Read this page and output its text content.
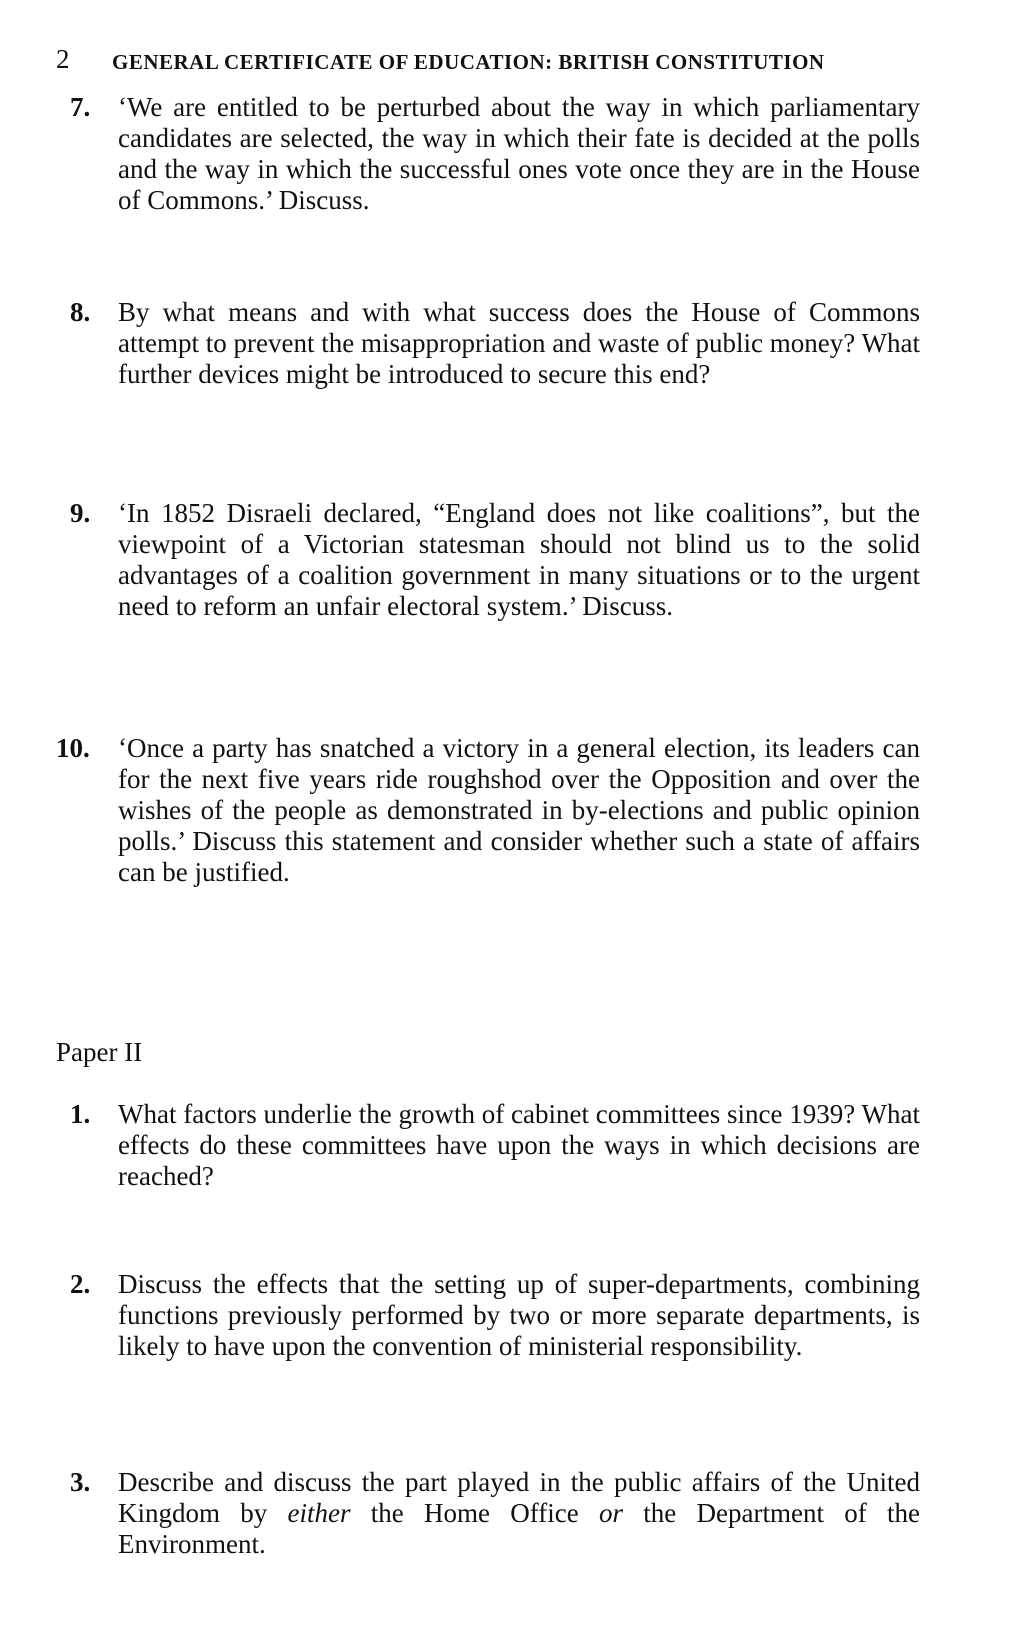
2 GENERAL CERTIFICATE OF EDUCATION: BRITISH CONSTITUTION
7. ‘We are entitled to be perturbed about the way in which parliamentary candidates are selected, the way in which their fate is decided at the polls and the way in which the successful ones vote once they are in the House of Commons.’ Discuss.
8. By what means and with what success does the House of Commons attempt to prevent the misappropriation and waste of public money? What further devices might be introduced to secure this end?
9. ‘In 1852 Disraeli declared, “England does not like coalitions”, but the viewpoint of a Victorian statesman should not blind us to the solid advantages of a coalition government in many situations or to the urgent need to reform an unfair electoral system.’ Discuss.
10. ‘Once a party has snatched a victory in a general election, its leaders can for the next five years ride roughshod over the Opposition and over the wishes of the people as demonstrated in by-elections and public opinion polls.’ Discuss this statement and consider whether such a state of affairs can be justified.
Paper II
1. What factors underlie the growth of cabinet committees since 1939? What effects do these committees have upon the ways in which decisions are reached?
2. Discuss the effects that the setting up of super-departments, combining functions previously performed by two or more separate departments, is likely to have upon the convention of ministerial responsibility.
3. Describe and discuss the part played in the public affairs of the United Kingdom by either the Home Office or the Department of the Environment.
